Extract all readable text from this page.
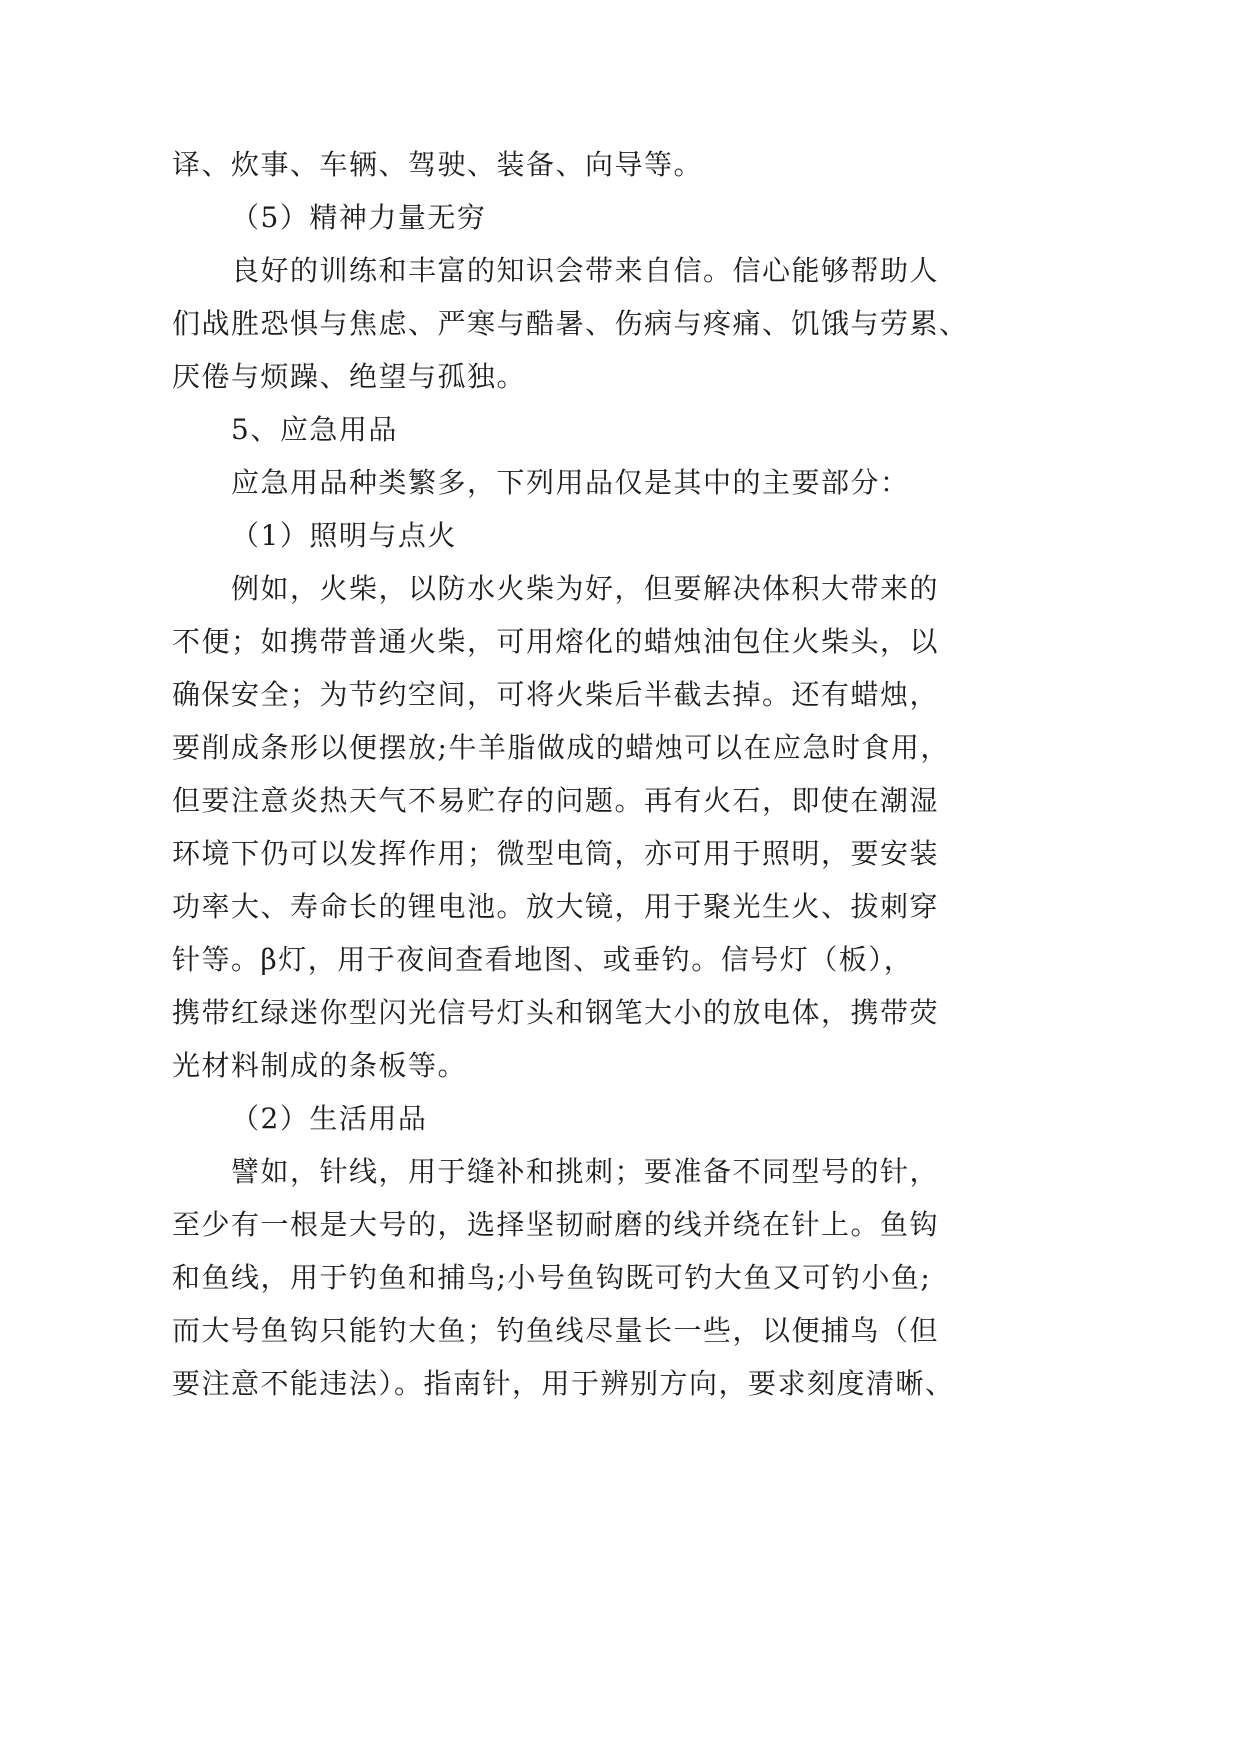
译、炊事、车辆、驾驶、装备、向导等。
（5）精神力量无穷
良好的训练和丰富的知识会带来自信。信心能够帮助人
们战胜恐惧与焦虑、严寒与酷暑、伤病与疼痛、饥饿与劳累、
厌倦与烦躁、绝望与孤独。
5、应急用品
应急用品种类繁多，下列用品仅是其中的主要部分：
（1）照明与点火
例如，火柴，以防水火柴为好，但要解决体积大带来的
不便；如携带普通火柴，可用熔化的蜡烛油包住火柴头，以
确保安全；为节约空间，可将火柴后半截去掉。还有蜡烛，
要削成条形以便摆放;牛羊脂做成的蜡烛可以在应急时食用，
但要注意炎热天气不易贮存的问题。再有火石，即使在潮湿
环境下仍可以发挥作用；微型电筒，亦可用于照明，要安装
功率大、寿命长的锂电池。放大镜，用于聚光生火、拔刺穿
针等。β灯，用于夜间查看地图、或垂钓。信号灯（板），
携带红绿迷你型闪光信号灯头和钢笔大小的放电体，携带荧
光材料制成的条板等。
（2）生活用品
譬如，针线，用于缝补和挑刺；要准备不同型号的针，
至少有一根是大号的，选择坚韧耐磨的线并绕在针上。鱼钩
和鱼线，用于钓鱼和捕鸟;小号鱼钩既可钓大鱼又可钓小鱼;
而大号鱼钩只能钓大鱼；钓鱼线尽量长一些，以便捕鸟（但
要注意不能违法）。指南针，用于辨别方向，要求刻度清晰、
